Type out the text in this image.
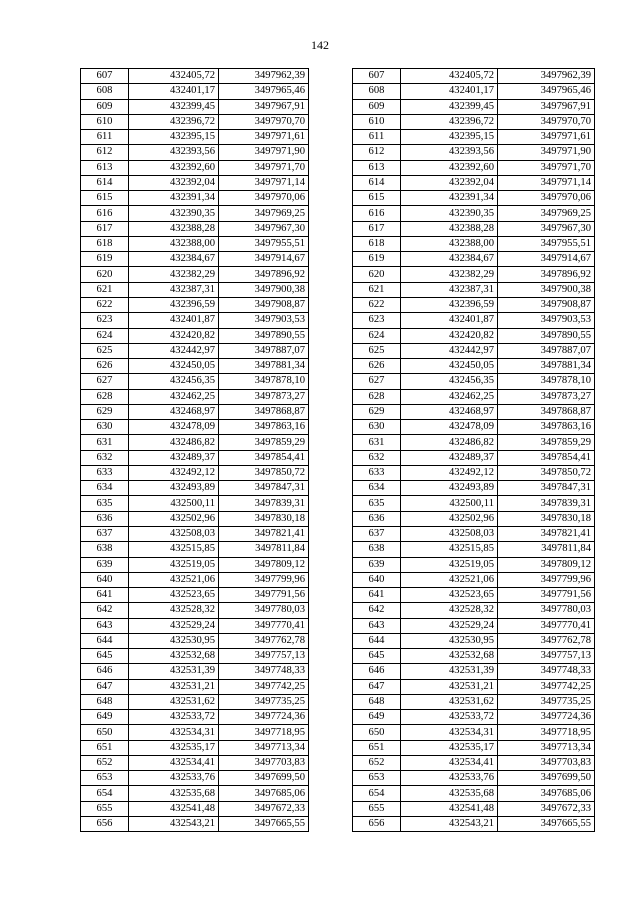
142
607	432405,72	3497962,39		607	432405,72	3497962,39
608	432401,17	3497965,46		608	432401,17	3497965,46
609	432399,45	3497967,91		609	432399,45	3497967,91
610	432396,72	3497970,70		610	432396,72	3497970,70
611	432395,15	3497971,61		611	432395,15	3497971,61
612	432393,56	3497971,90		612	432393,56	3497971,90
613	432392,60	3497971,70		613	432392,60	3497971,70
614	432392,04	3497971,14		614	432392,04	3497971,14
615	432391,34	3497970,06		615	432391,34	3497970,06
616	432390,35	3497969,25		616	432390,35	3497969,25
617	432388,28	3497967,30		617	432388,28	3497967,30
618	432388,00	3497955,51		618	432388,00	3497955,51
619	432384,67	3497914,67		619	432384,67	3497914,67
620	432382,29	3497896,92		620	432382,29	3497896,92
621	432387,31	3497900,38		621	432387,31	3497900,38
622	432396,59	3497908,87		622	432396,59	3497908,87
623	432401,87	3497903,53		623	432401,87	3497903,53
624	432420,82	3497890,55		624	432420,82	3497890,55
625	432442,97	3497887,07		625	432442,97	3497887,07
626	432450,05	3497881,34		626	432450,05	3497881,34
627	432456,35	3497878,10		627	432456,35	3497878,10
628	432462,25	3497873,27		628	432462,25	3497873,27
629	432468,97	3497868,87		629	432468,97	3497868,87
630	432478,09	3497863,16		630	432478,09	3497863,16
631	432486,82	3497859,29		631	432486,82	3497859,29
632	432489,37	3497854,41		632	432489,37	3497854,41
633	432492,12	3497850,72		633	432492,12	3497850,72
634	432493,89	3497847,31		634	432493,89	3497847,31
635	432500,11	3497839,31		635	432500,11	3497839,31
636	432502,96	3497830,18		636	432502,96	3497830,18
637	432508,03	3497821,41		637	432508,03	3497821,41
638	432515,85	3497811,84		638	432515,85	3497811,84
639	432519,05	3497809,12		639	432519,05	3497809,12
640	432521,06	3497799,96		640	432521,06	3497799,96
641	432523,65	3497791,56		641	432523,65	3497791,56
642	432528,32	3497780,03		642	432528,32	3497780,03
643	432529,24	3497770,41		643	432529,24	3497770,41
644	432530,95	3497762,78		644	432530,95	3497762,78
645	432532,68	3497757,13		645	432532,68	3497757,13
646	432531,39	3497748,33		646	432531,39	3497748,33
647	432531,21	3497742,25		647	432531,21	3497742,25
648	432531,62	3497735,25		648	432531,62	3497735,25
649	432533,72	3497724,36		649	432533,72	3497724,36
650	432534,31	3497718,95		650	432534,31	3497718,95
651	432535,17	3497713,34		651	432535,17	3497713,34
652	432534,41	3497703,83		652	432534,41	3497703,83
653	432533,76	3497699,50		653	432533,76	3497699,50
654	432535,68	3497685,06		654	432535,68	3497685,06
655	432541,48	3497672,33		655	432541,48	3497672,33
656	432543,21	3497665,55		656	432543,21	3497665,55
